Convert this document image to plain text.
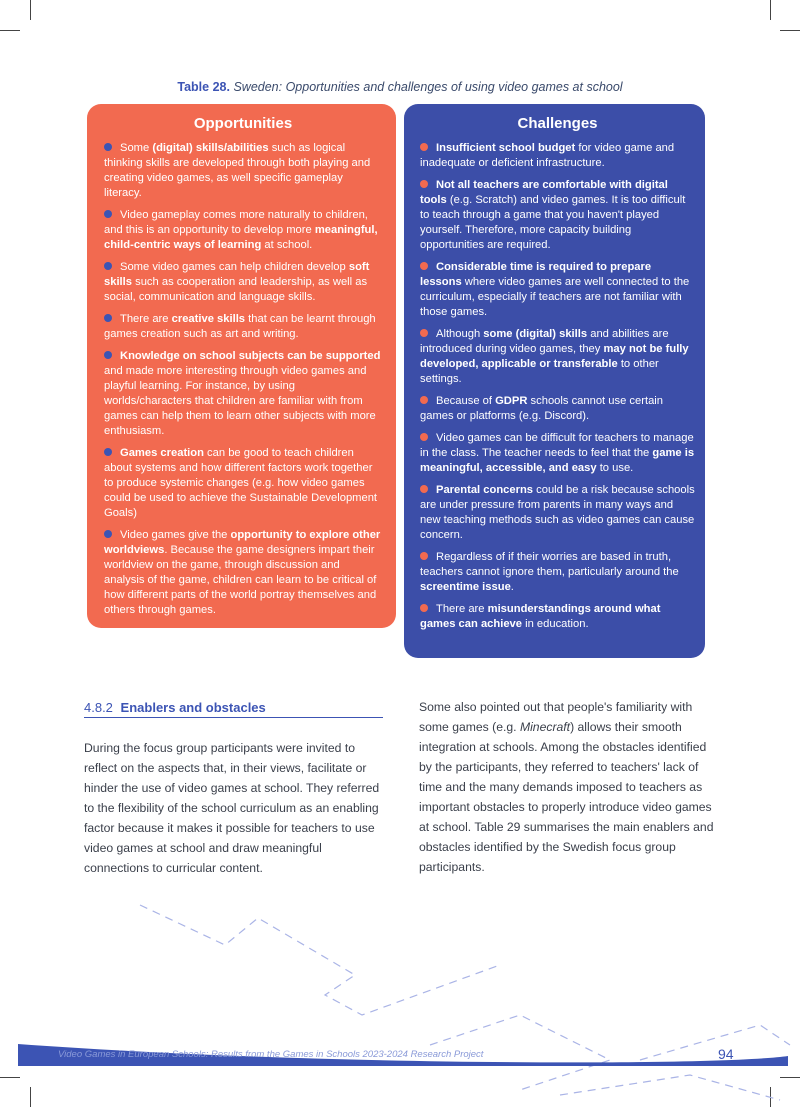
Table 28. Sweden: Opportunities and challenges of using video games at school
Opportunities
Some (digital) skills/abilities such as logical thinking skills are developed through both playing and creating video games, as well specific gameplay literacy.
Video gameplay comes more naturally to children, and this is an opportunity to develop more meaningful, child-centric ways of learning at school.
Some video games can help children develop soft skills such as cooperation and leadership, as well as social, communication and language skills.
There are creative skills that can be learnt through games creation such as art and writing.
Knowledge on school subjects can be supported and made more interesting through video games and playful learning. For instance, by using worlds/characters that children are familiar with from games can help them to learn other subjects with more enthusiasm.
Games creation can be good to teach children about systems and how different factors work together to produce systemic changes (e.g. how video games could be used to achieve the Sustainable Development Goals)
Video games give the opportunity to explore other worldviews. Because the game designers impart their worldview on the game, through discussion and analysis of the game, children can learn to be critical of how different parts of the world portray themselves and others through games.
Challenges
Insufficient school budget for video game and inadequate or deficient infrastructure.
Not all teachers are comfortable with digital tools (e.g. Scratch) and video games. It is too difficult to teach through a game that you haven't played yourself. Therefore, more capacity building opportunities are required.
Considerable time is required to prepare lessons where video games are well connected to the curriculum, especially if teachers are not familiar with those games.
Although some (digital) skills and abilities are introduced during video games, they may not be fully developed, applicable or transferable to other settings.
Because of GDPR schools cannot use certain games or platforms (e.g. Discord).
Video games can be difficult for teachers to manage in the class. The teacher needs to feel that the game is meaningful, accessible, and easy to use.
Parental concerns could be a risk because schools are under pressure from parents in many ways and new teaching methods such as video games can cause concern.
Regardless of if their worries are based in truth, teachers cannot ignore them, particularly around the screentime issue.
There are misunderstandings around what games can achieve in education.
4.8.2 Enablers and obstacles
During the focus group participants were invited to reflect on the aspects that, in their views, facilitate or hinder the use of video games at school. They referred to the flexibility of the school curriculum as an enabling factor because it makes it possible for teachers to use video games at school and draw meaningful connections to curricular content.
Some also pointed out that people's familiarity with some games (e.g. Minecraft) allows their smooth integration at schools. Among the obstacles identified by the participants, they referred to teachers' lack of time and the many demands imposed to teachers as important obstacles to properly introduce video games at school. Table 29 summarises the main enablers and obstacles identified by the Swedish focus group participants.
Video Games in European Schools: Results from the Games in Schools 2023-2024 Research Project	94
